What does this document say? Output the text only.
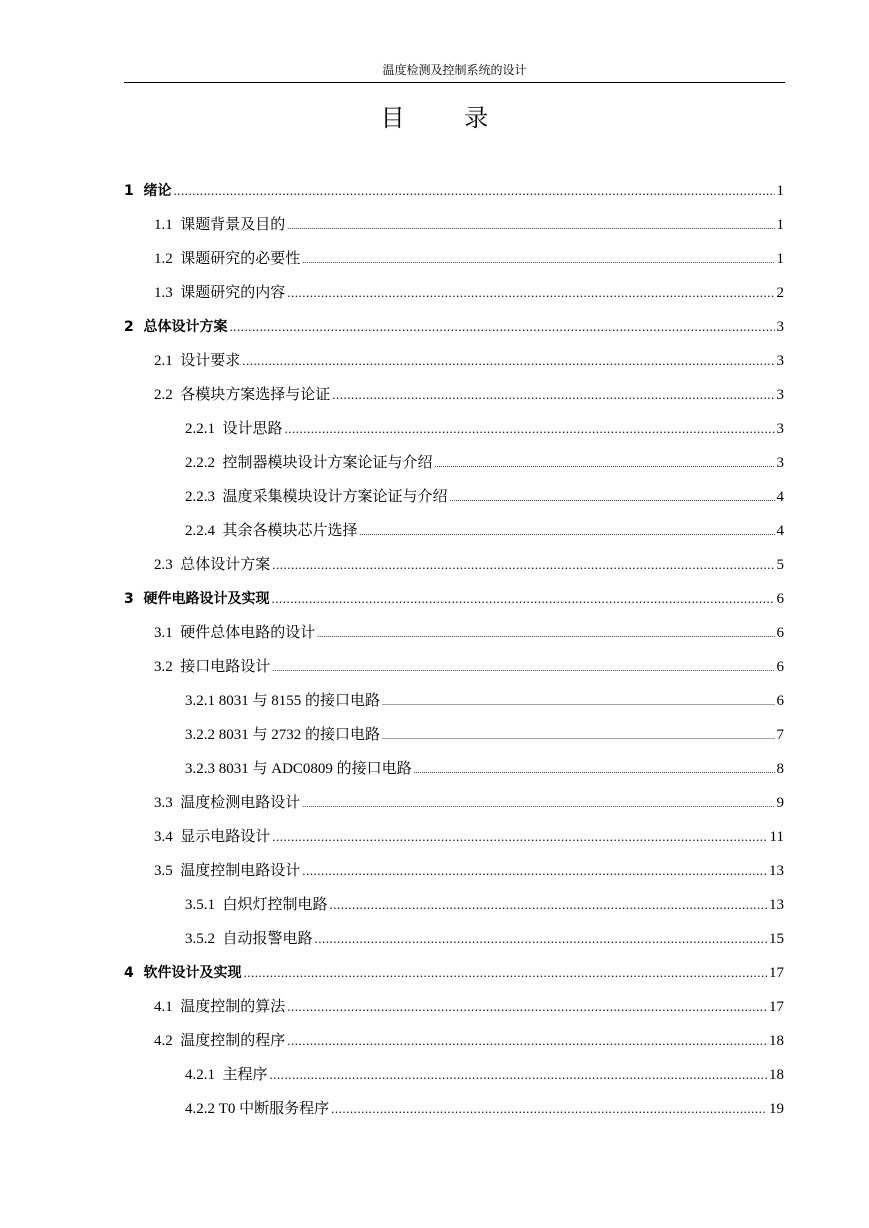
温度检测及控制系统的设计
目 录
1 绪论 .....	1
1.1 课题背景及目的 .....	1
1.2 课题研究的必要性 .....	1
1.3 课题研究的内容 .....	2
2 总体设计方案 .....	3
2.1 设计要求 .....	3
2.2 各模块方案选择与论证 .....	3
2.2.1 设计思路 .....	3
2.2.2 控制器模块设计方案论证与介绍 .....	3
2.2.3 温度采集模块设计方案论证与介绍 .....	4
2.2.4 其余各模块芯片选择 .....	4
2.3 总体设计方案 .....	5
3 硬件电路设计及实现 .....	6
3.1 硬件总体电路的设计 .....	6
3.2 接口电路设计 .....	6
3.2.1 8031 与 8155 的接口电路 .....	6
3.2.2 8031 与 2732 的接口电路 .....	7
3.2.3 8031 与 ADC0809 的接口电路 .....	8
3.3 温度检测电路设计 .....	9
3.4 显示电路设计 .....	11
3.5 温度控制电路设计 .....	13
3.5.1 白炽灯控制电路 .....	13
3.5.2 自动报警电路 .....	15
4 软件设计及实现 .....	17
4.1 温度控制的算法 .....	17
4.2 温度控制的程序 .....	18
4.2.1 主程序 .....	18
4.2.2 T0 中断服务程序 .....	19
